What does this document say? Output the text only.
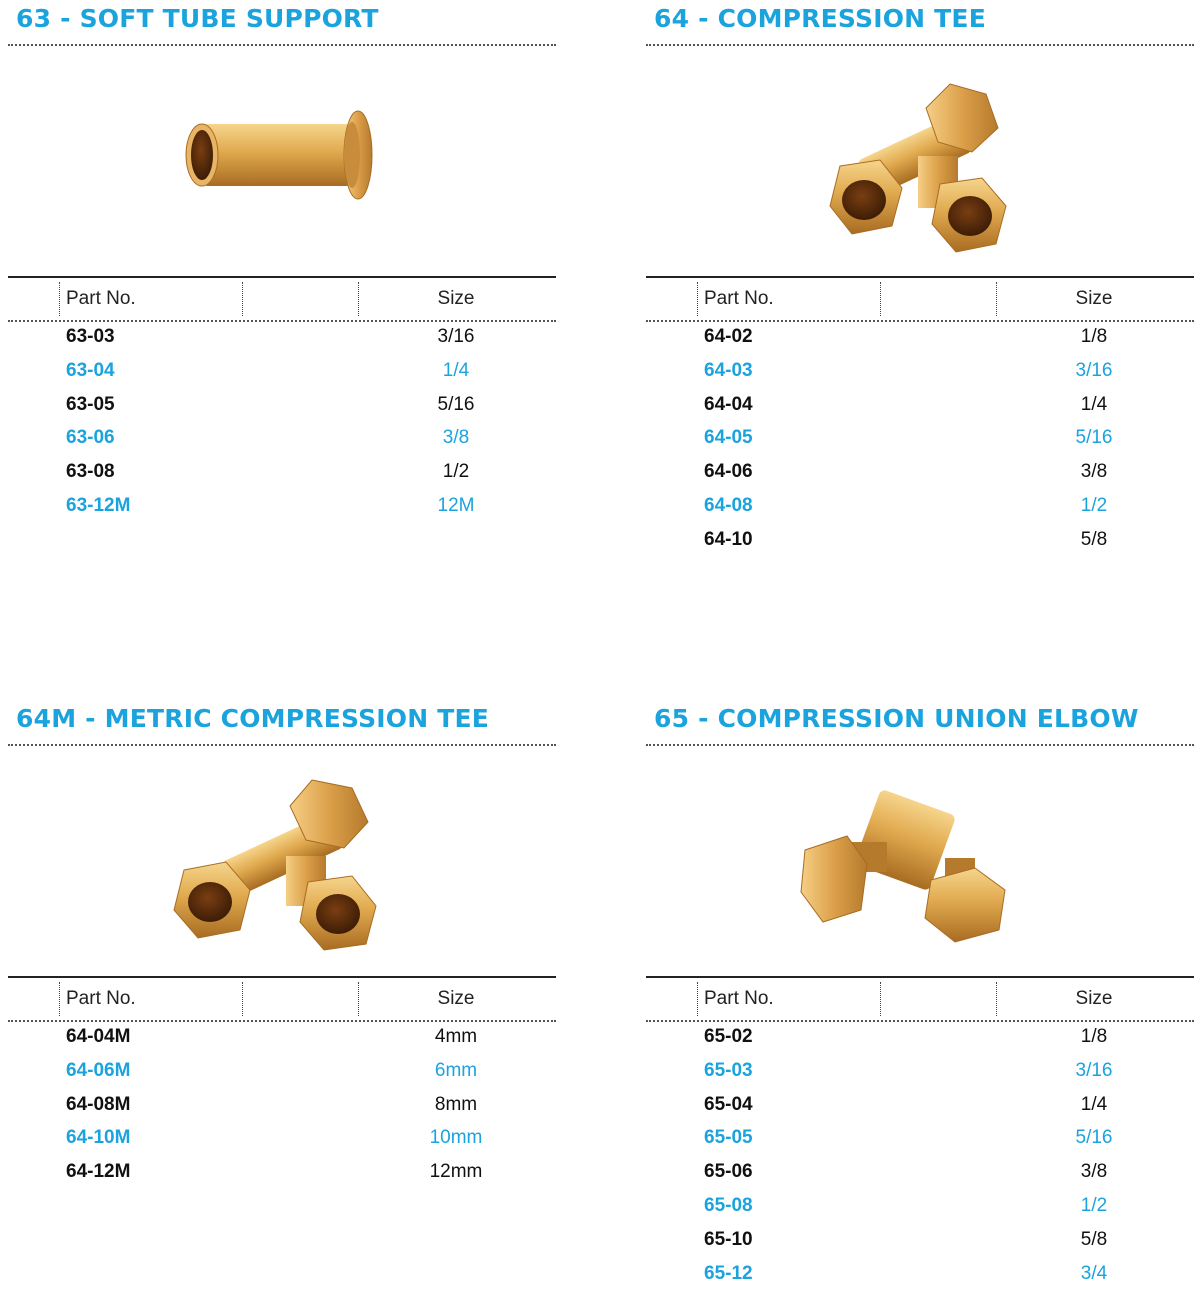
63 - SOFT TUBE SUPPORT
Part No.	Size
63-03	3/16
63-04	1/4
63-05	5/16
63-06	3/8
63-08	1/2
63-12M	12M
64 - COMPRESSION TEE
Part No.	Size
64-02	1/8
64-03	3/16
64-04	1/4
64-05	5/16
64-06	3/8
64-08	1/2
64-10	5/8
64M - METRIC COMPRESSION TEE
Part No.	Size
64-04M	4mm
64-06M	6mm
64-08M	8mm
64-10M	10mm
64-12M	12mm
65 - COMPRESSION UNION ELBOW
Part No.	Size
65-02	1/8
65-03	3/16
65-04	1/4
65-05	5/16
65-06	3/8
65-08	1/2
65-10	5/8
65-12	3/4
